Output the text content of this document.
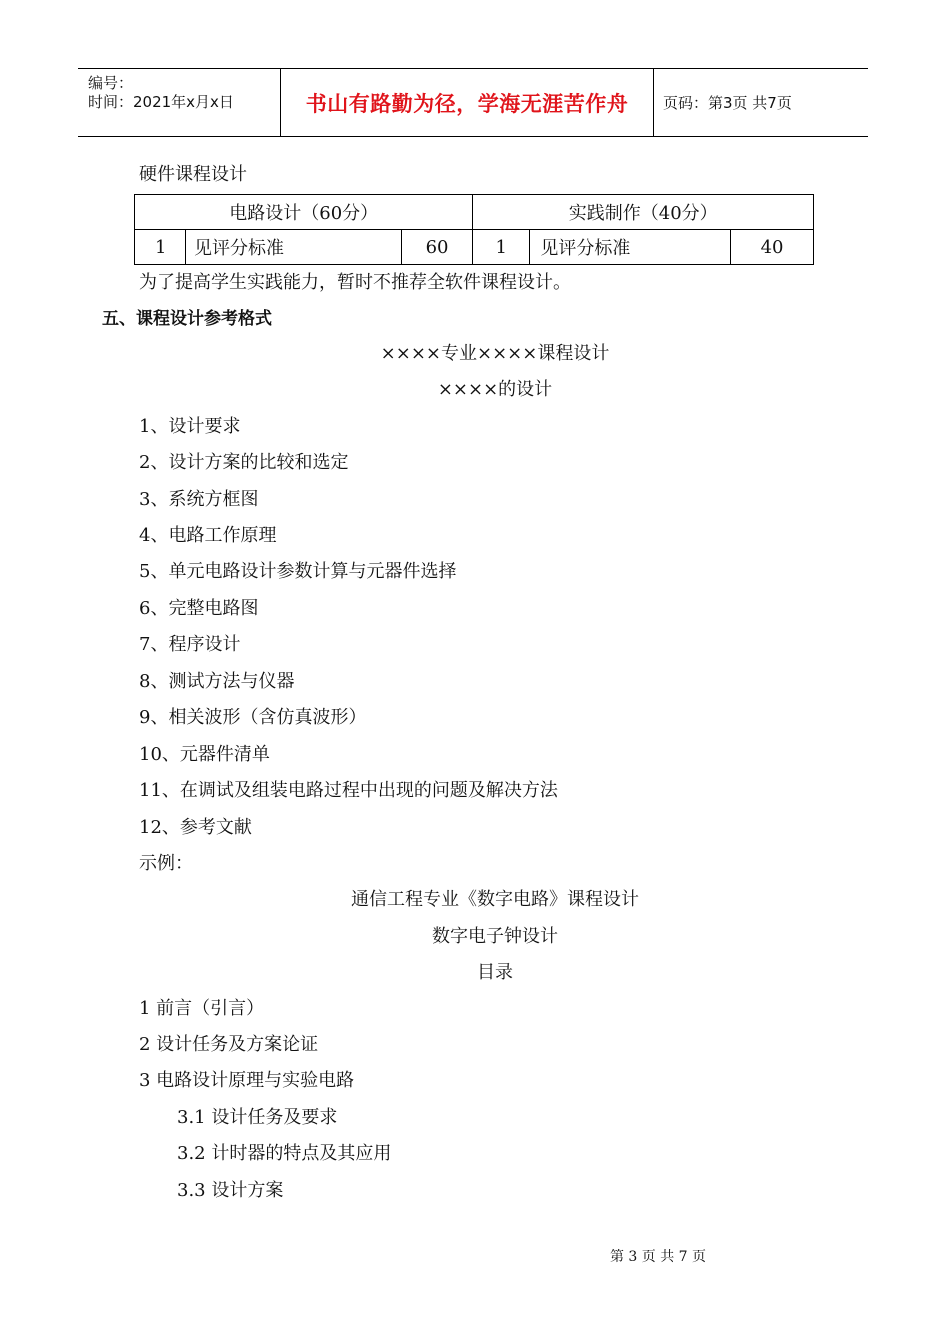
编号：
时间：2021年x月x日	书山有路勤为径，学海无涯苦作舟 页码：第3页 共7页
硬件课程设计
电路设计（60分）			实践制作（40分）		
1	见评分标准	60	1	见评分标准	40
为了提高学生实践能力，暂时不推荐全软件课程设计。
五、课程设计参考格式
××××专业××××课程设计
××××的设计
1、设计要求
2、设计方案的比较和选定
3、系统方框图
4、电路工作原理
5、单元电路设计参数计算与元器件选择
6、完整电路图
7、程序设计
8、测试方法与仪器
9、相关波形（含仿真波形）
10、元器件清单
11、在调试及组装电路过程中出现的问题及解决方法
12、参考文献
示例：
通信工程专业《数字电路》课程设计
数字电子钟设计
目录
1 前言（引言）
2 设计任务及方案论证
3 电路设计原理与实验电路
3.1 设计任务及要求
3.2 计时器的特点及其应用
3.3 设计方案
第 3 页 共 7 页
